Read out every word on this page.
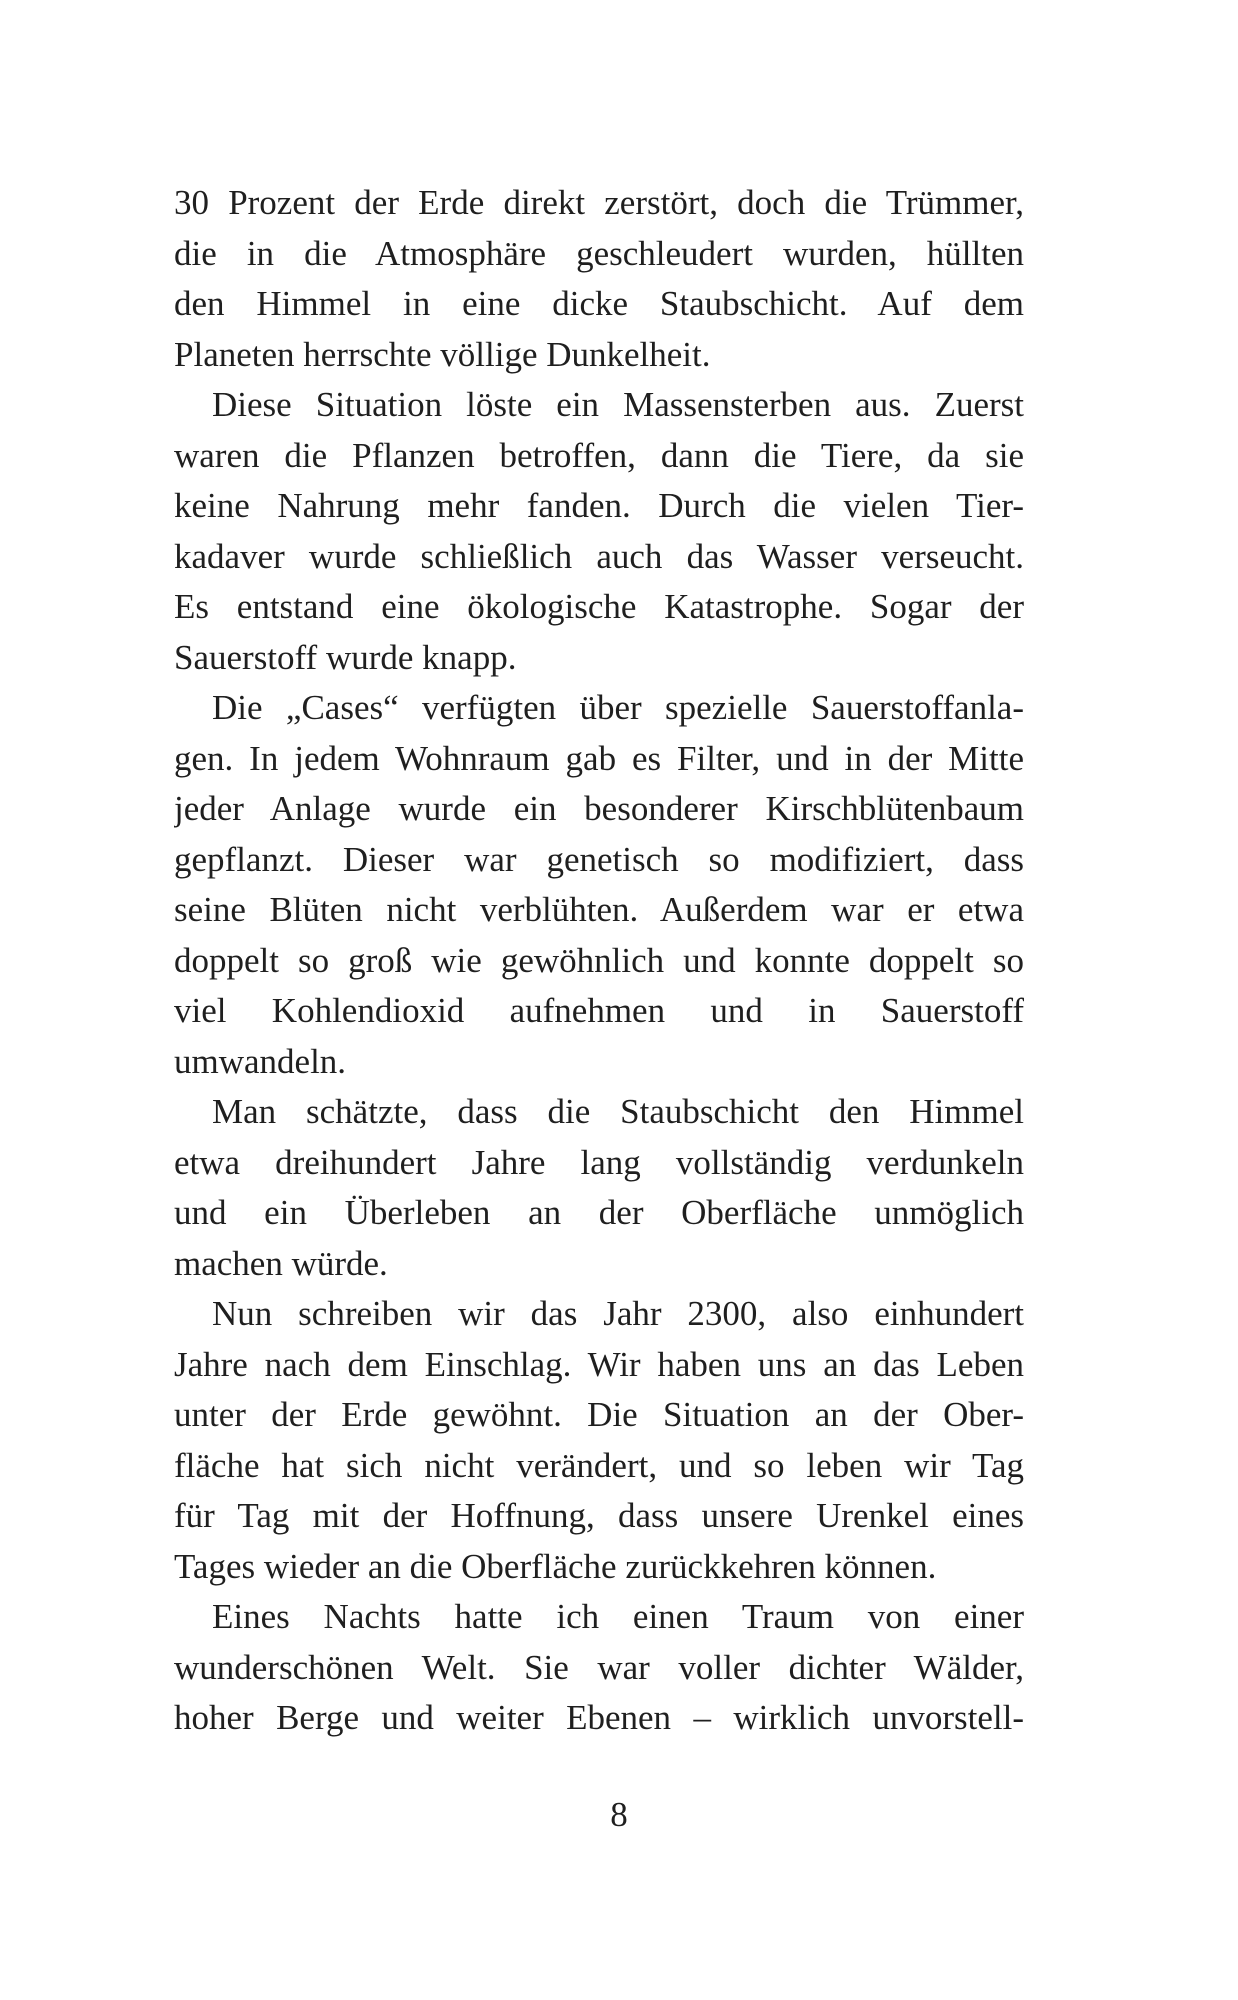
30 Prozent der Erde direkt zerstört, doch die Trümmer,
die in die Atmosphäre geschleudert wurden, hüllten
den Himmel in eine dicke Staubschicht. Auf dem
Planeten herrschte völlige Dunkelheit.
Diese Situation löste ein Massensterben aus. Zuerst
waren die Pflanzen betroffen, dann die Tiere, da sie
keine Nahrung mehr fanden. Durch die vielen Tier-
kadaver wurde schließlich auch das Wasser verseucht.
Es entstand eine ökologische Katastrophe. Sogar der
Sauerstoff wurde knapp.
Die „Cases“ verfügten über spezielle Sauerstoffanla-
gen. In jedem Wohnraum gab es Filter, und in der Mitte
jeder Anlage wurde ein besonderer Kirschblütenbaum
gepflanzt. Dieser war genetisch so modifiziert, dass
seine Blüten nicht verblühten. Außerdem war er etwa
doppelt so groß wie gewöhnlich und konnte doppelt so
viel Kohlendioxid aufnehmen und in Sauerstoff
umwandeln.
Man schätzte, dass die Staubschicht den Himmel
etwa dreihundert Jahre lang vollständig verdunkeln
und ein Überleben an der Oberfläche unmöglich
machen würde.
Nun schreiben wir das Jahr 2300, also einhundert
Jahre nach dem Einschlag. Wir haben uns an das Leben
unter der Erde gewöhnt. Die Situation an der Ober-
fläche hat sich nicht verändert, und so leben wir Tag
für Tag mit der Hoffnung, dass unsere Urenkel eines
Tages wieder an die Oberfläche zurückkehren können.
Eines Nachts hatte ich einen Traum von einer
wunderschönen Welt. Sie war voller dichter Wälder,
hoher Berge und weiter Ebenen – wirklich unvorstell-
8
